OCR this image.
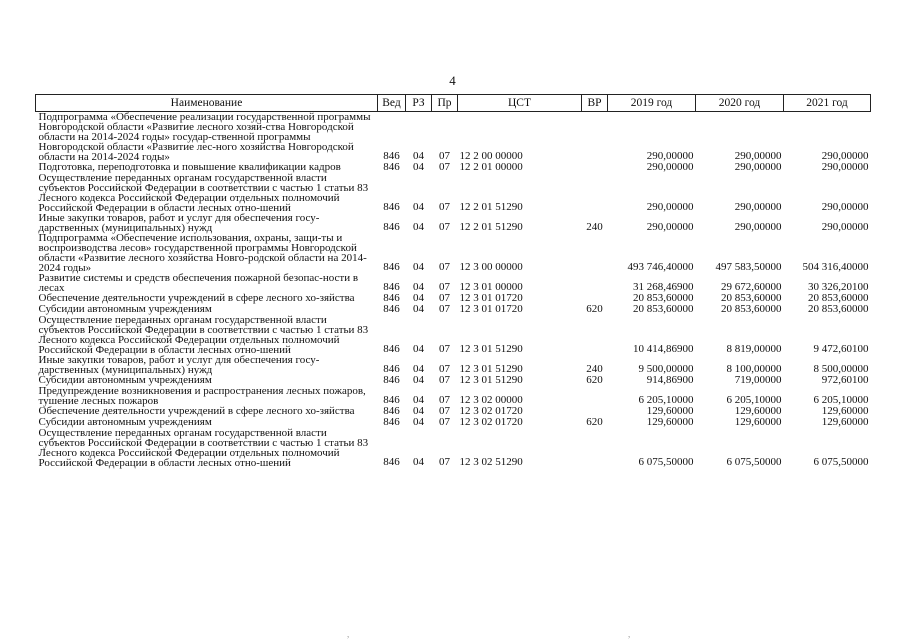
4
Наименование	Вед	РЗ	Пр	ЦСТ	ВР	2019 год	2020 год	2021 год
Подпрограмма «Обеспечение реализации государственной программы Новгородской области «Развитие лесного хозяй-ства Новгородской области на 2014-2024 годы» государ-ственной программы Новгородской области «Развитие лес-ного хозяйства Новгородской области на 2014-2024 годы»	846	04	07	12 2 00 00000		290,00000	290,00000	290,00000
Подготовка, переподготовка и повышение квалификации кадров	846	04	07	12 2 01 00000		290,00000	290,00000	290,00000
Осуществление переданных органам государственной власти субъектов Российской Федерации в соответствии с частью 1 статьи 83 Лесного кодекса Российской Федерации отдельных полномочий Российской Федерации в области лесных отно-шений	846	04	07	12 2 01 51290		290,00000	290,00000	290,00000
Иные закупки товаров, работ и услуг для обеспечения госу-дарственных (муниципальных) нужд	846	04	07	12 2 01 51290	240	290,00000	290,00000	290,00000
Подпрограмма «Обеспечение использования, охраны, защи-ты и воспроизводства лесов» государственной программы Новгородской области «Развитие лесного хозяйства Новго-родской области на 2014-2024 годы»	846	04	07	12 3 00 00000		493 746,40000	497 583,50000	504 316,40000
Развитие системы и средств обеспечения пожарной безопас-ности в лесах	846	04	07	12 3 01 00000		31 268,46900	29 672,60000	30 326,20100
Обеспечение деятельности учреждений в сфере лесного хо-зяйства	846	04	07	12 3 01 01720		20 853,60000	20 853,60000	20 853,60000
Субсидии автономным учреждениям	846	04	07	12 3 01 01720	620	20 853,60000	20 853,60000	20 853,60000
Осуществление переданных органам государственной власти субъектов Российской Федерации в соответствии с частью 1 статьи 83 Лесного кодекса Российской Федерации отдельных полномочий Российской Федерации в области лесных отно-шений	846	04	07	12 3 01 51290		10 414,86900	8 819,00000	9 472,60100
Иные закупки товаров, работ и услуг для обеспечения госу-дарственных (муниципальных) нужд	846	04	07	12 3 01 51290	240	9 500,00000	8 100,00000	8 500,00000
Субсидии автономным учреждениям	846	04	07	12 3 01 51290	620	914,86900	719,00000	972,60100
Предупреждение возникновения и распространения лесных пожаров, тушение лесных пожаров	846	04	07	12 3 02 00000		6 205,10000	6 205,10000	6 205,10000
Обеспечение деятельности учреждений в сфере лесного хо-зяйства	846	04	07	12 3 02 01720		129,60000	129,60000	129,60000
Субсидии автономным учреждениям	846	04	07	12 3 02 01720	620	129,60000	129,60000	129,60000
Осуществление переданных органам государственной власти субъектов Российской Федерации в соответствии с частью 1 статьи 83 Лесного кодекса Российской Федерации отдельных полномочий Российской Федерации в области лесных отно-шений	846	04	07	12 3 02 51290		6 075,50000	6 075,50000	6 075,50000
,	,
